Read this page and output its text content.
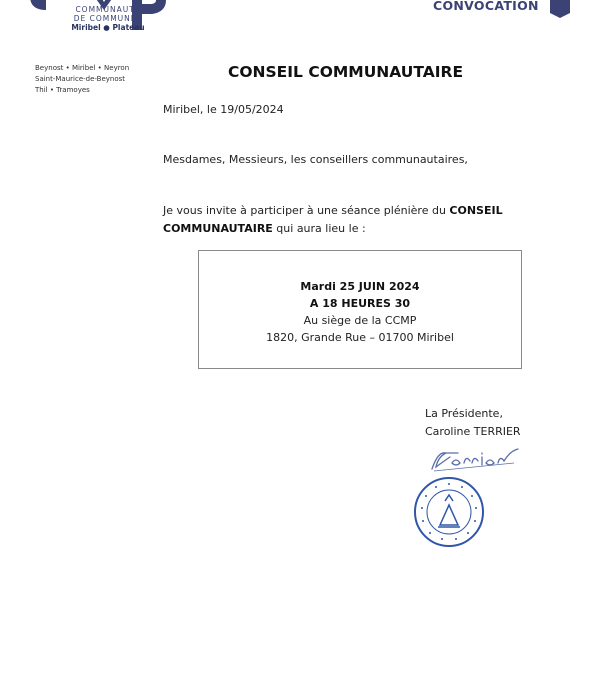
COMMUNAUTÉ
DE COMMUNES
Miribel ● Plateau
Beynost • Miribel • Neyron
Saint-Maurice-de-Beynost
Thil • Tramoyes
CONVOCATION
CONSEIL COMMUNAUTAIRE
Miribel, le 19/05/2024
Mesdames, Messieurs, les conseillers communautaires,
Je vous invite à participer à une séance plénière du CONSEIL COMMUNAUTAIRE qui aura lieu le :
Mardi 25 JUIN 2024
A 18 HEURES 30
Au siège de la CCMP
1820, Grande Rue – 01700 Miribel
La Présidente,
Caroline TERRIER
